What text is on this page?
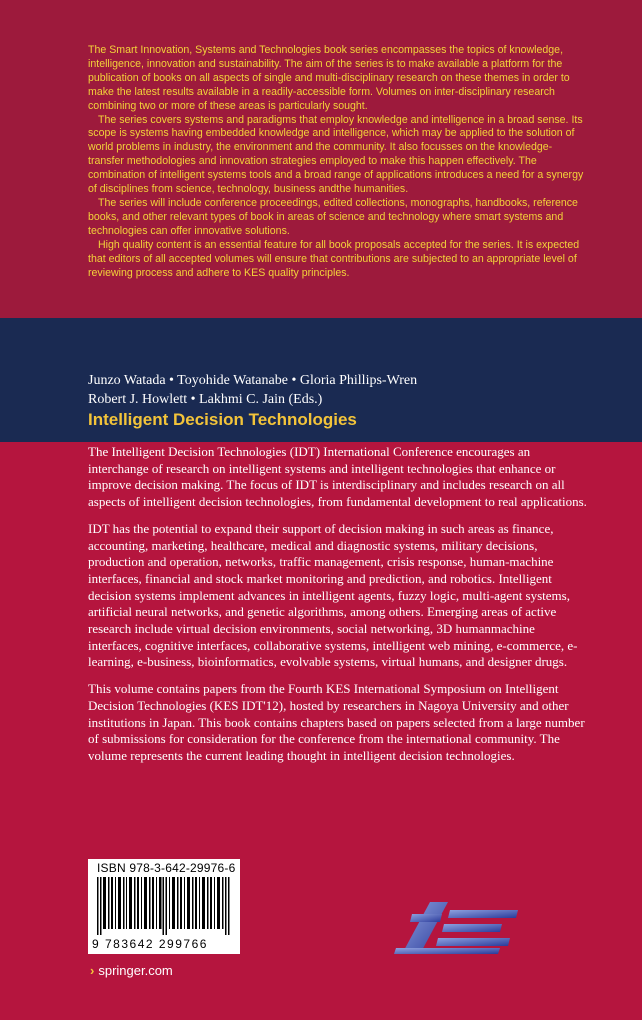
The Smart Innovation, Systems and Technologies book series encompasses the topics of knowledge, intelligence, innovation and sustainability. The aim of the series is to make available a platform for the publication of books on all aspects of single and multi-disciplinary research on these themes in order to make the latest results available in a readily-accessible form. Volumes on inter-disciplinary research combining two or more of these areas is particularly sought.

The series covers systems and paradigms that employ knowledge and intelligence in a broad sense. Its scope is systems having embedded knowledge and intelligence, which may be applied to the solution of world problems in industry, the environment and the community. It also focusses on the knowledge-transfer methodologies and innovation strategies employed to make this happen effectively. The combination of intelligent systems tools and a broad range of applications introduces a need for a synergy of disciplines from science, technology, business andthe humanities.

The series will include conference proceedings, edited collections, monographs, handbooks, reference books, and other relevant types of book in areas of science and technology where smart systems and technologies can offer innovative solutions.

High quality content is an essential feature for all book proposals accepted for the series. It is expected that editors of all accepted volumes will ensure that contributions are subjected to an appropriate level of reviewing process and adhere to KES quality principles.

Junzo Watada • Toyohide Watanabe • Gloria Phillips-Wren
Robert J. Howlett • Lakhmi C. Jain (Eds.)
Intelligent Decision Technologies

The Intelligent Decision Technologies (IDT) International Conference encourages an interchange of research on intelligent systems and intelligent technologies that enhance or improve decision making. The focus of IDT is interdisciplinary and includes research on all aspects of intelligent decision technologies, from fundamental development to real applications.

IDT has the potential to expand their support of decision making in such areas as finance, accounting, marketing, healthcare, medical and diagnostic systems, military decisions, production and operation, networks, traffic management, crisis response, human-machine interfaces, financial and stock market monitoring and prediction, and robotics. Intelligent decision systems implement advances in intelligent agents, fuzzy logic, multi-agent systems, artificial neural networks, and genetic algorithms, among others. Emerging areas of active research include virtual decision environments, social networking, 3D humanmachine interfaces, cognitive interfaces, collaborative systems, intelligent web mining, e-commerce, e-learning, e-business, bioinformatics, evolvable systems, virtual humans, and designer drugs.

This volume contains papers from the Fourth KES International Symposium on Intelligent Decision Technologies (KES IDT'12), hosted by researchers in Nagoya University and other institutions in Japan. This book contains chapters based on papers selected from a large number of submissions for consideration for the conference from the international community. The volume represents the current leading thought in intelligent decision technologies.

ISBN 978-3-642-29976-6
9 783642 299766
› springer.com
